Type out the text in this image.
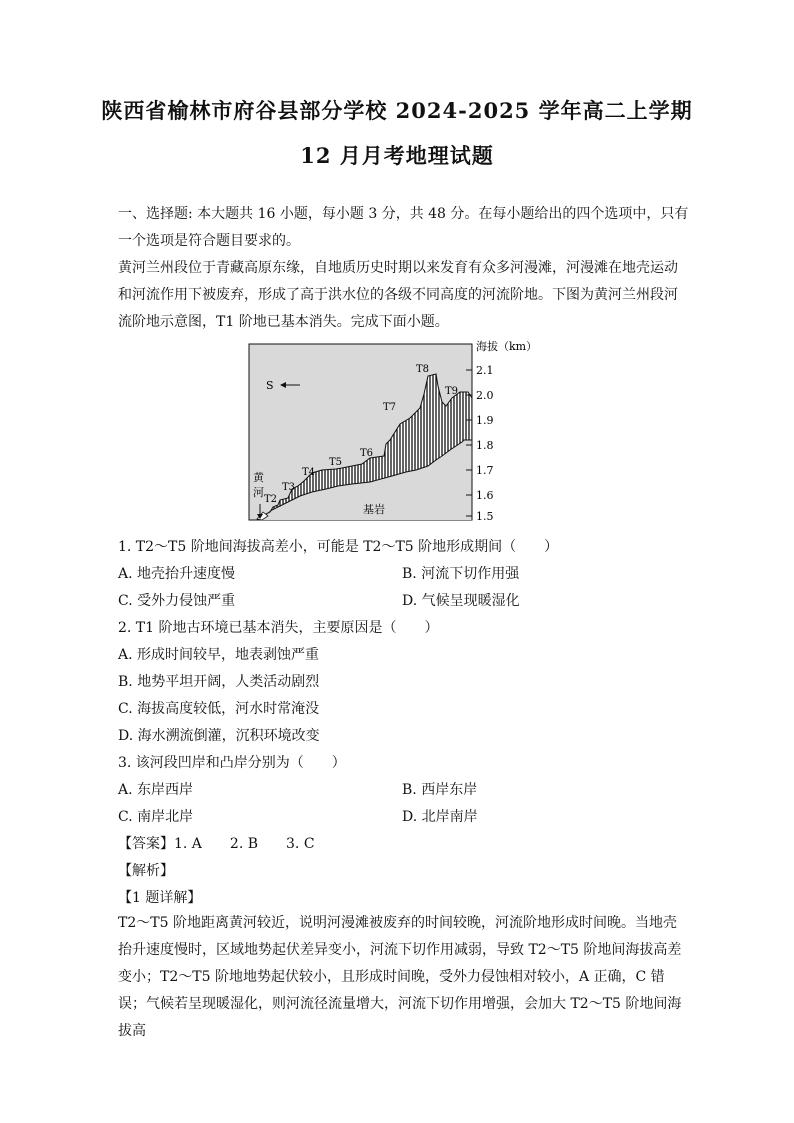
陕西省榆林市府谷县部分学校 2024-2025 学年高二上学期
12 月月考地理试题
一、选择题: 本大题共 16 小题，每小题 3 分，共 48 分。在每小题给出的四个选项中，只有
一个选项是符合题目要求的。
黄河兰州段位于青藏高原东缘，自地质历史时期以来发育有众多河漫滩，河漫滩在地壳运动
和河流作用下被废弃，形成了高于洪水位的各级不同高度的河流阶地。下图为黄河兰州段河
流阶地示意图，T1 阶地已基本消失。完成下面小题。
S
黄
河
T2
T3
T4
T5
T6
T7
T8
T9
基岩
海拔（km）
2.1
2.0
1.9
1.8
1.7
1.6
1.5
1. T2～T5 阶地间海拔高差小，可能是 T2～T5 阶地形成期间（　　）
A. 地壳抬升速度慢	B. 河流下切作用强
C. 受外力侵蚀严重	D. 气候呈现暖湿化
2. T1 阶地古环境已基本消失，主要原因是（　　）
A. 形成时间较早，地表剥蚀严重
B. 地势平坦开阔，人类活动剧烈
C. 海拔高度较低，河水时常淹没
D. 海水溯流倒灌，沉积环境改变
3. 该河段凹岸和凸岸分别为（　　）
A. 东岸西岸	B. 西岸东岸
C. 南岸北岸	D. 北岸南岸
【答案】1. A　　2. B　　3. C
【解析】
【1 题详解】
T2～T5 阶地距离黄河较近，说明河漫滩被废弃的时间较晚，河流阶地形成时间晚。当地壳抬升速度慢时，区域地势起伏差异变小，河流下切作用减弱，导致 T2～T5 阶地间海拔高差变小；T2～T5 阶地地势起伏较小，且形成时间晚，受外力侵蚀相对较小，A 正确，C 错误；气候若呈现暖湿化，则河流径流量增大，河流下切作用增强，会加大 T2～T5 阶地间海拔高
